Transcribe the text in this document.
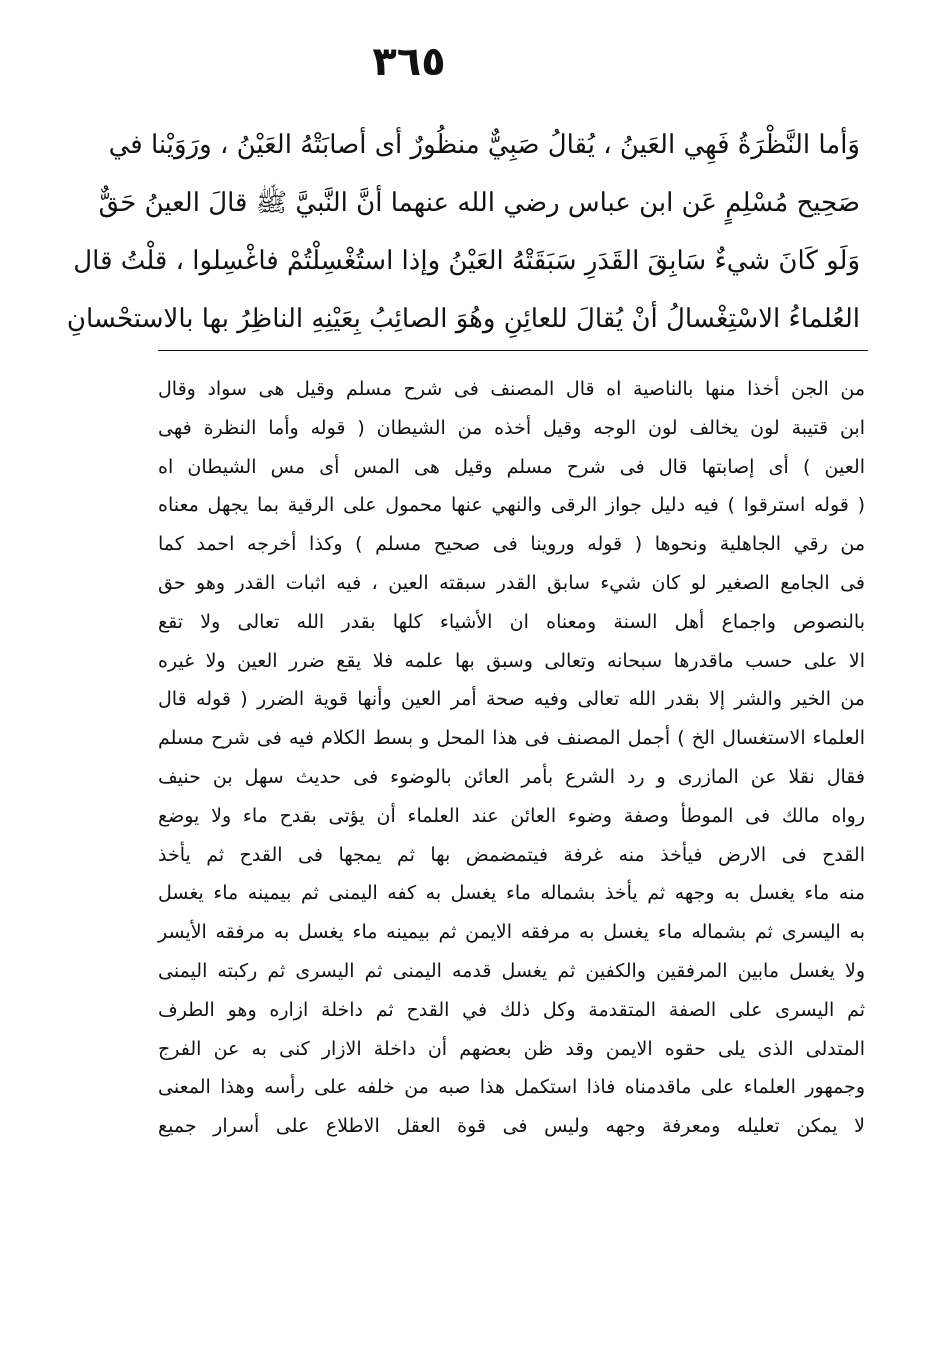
٣٦٥
وَأما النَّظْرَةُ فَهِي العَينُ ، يُقالُ صَبِيٌّ منظُورٌ أى أصابَتْهُ العَيْنُ ، ورَوَيْنا في
صَحِيح مُسْلِمٍ عَن ابن عباس رضي الله عنهما أنَّ النَّبيَّ ﷺ قالَ العينُ حَقٌّ
وَلَو كَانَ شيءٌ سَابِقَ القَدَرِ سَبَقَتْهُ العَيْنُ وإذا استُغْسِلْتُمْ فاغْسِلوا ، قلْتُ قال
العُلماءُ الاسْتِغْسالُ أنْ يُقالَ للعائِنِ وهُوَ الصائِبُ بِعَيْنِهِ الناظِرُ بها بالاستحْسانِ
من الجن أخذا منها بالناصية اه قال المصنف فى شرح مسلم وقيل هى سواد وقال
ابن قتيبة لون يخالف لون الوجه وقيل أخذه من الشيطان ( قوله وأما النظرة فهى
العين ) أى إصابتها قال فى شرح مسلم وقيل هى المس أى مس الشيطان اه
( قوله استرقوا ) فيه دليل جواز الرقى والنهي عنها محمول على الرقية بما يجهل معناه
من رقي الجاهلية ونحوها ( قوله وروينا فى صحيح مسلم ) وكذا أخرجه احمد كما
فى الجامع الصغير لو كان شيء سابق القدر سبقته العين ، فيه اثبات القدر وهو حق
بالنصوص واجماع أهل السنة ومعناه ان الأشياء كلها بقدر الله تعالى ولا تقع
الا على حسب ماقدرها سبحانه وتعالى وسبق بها علمه فلا يقع ضرر العين ولا غيره
من الخير والشر إلا بقدر الله تعالى وفيه صحة أمر العين وأنها قوية الضرر ( قوله قال
العلماء الاستغسال الخ ) أجمل المصنف فى هذا المحل و بسط الكلام فيه فى شرح مسلم
فقال نقلا عن المازرى و رد الشرع بأمر العائن بالوضوء فى حديث سهل بن حنيف
رواه مالك فى الموطأ وصفة وضوء العائن عند العلماء أن يؤتى بقدح ماء ولا يوضع
القدح فى الارض فيأخذ منه غرفة فيتمضمض بها ثم يمجها فى القدح ثم يأخذ
منه ماء يغسل به وجهه ثم يأخذ بشماله ماء يغسل به كفه اليمنى ثم بيمينه ماء يغسل
به اليسرى ثم بشماله ماء يغسل به مرفقه الايمن ثم بيمينه ماء يغسل به مرفقه الأيسر
ولا يغسل مابين المرفقين والكفين ثم يغسل قدمه اليمنى ثم اليسرى ثم ركبته اليمنى
ثم اليسرى على الصفة المتقدمة وكل ذلك في القدح ثم داخلة ازاره وهو الطرف
المتدلى الذى يلى حقوه الايمن وقد ظن بعضهم أن داخلة الازار كنى به عن الفرج
وجمهور العلماء على ماقدمناه فاذا استكمل هذا صبه من خلفه على رأسه وهذا المعنى
لا يمكن تعليله ومعرفة وجهه وليس فى قوة العقل الاطلاع على أسرار جميع
